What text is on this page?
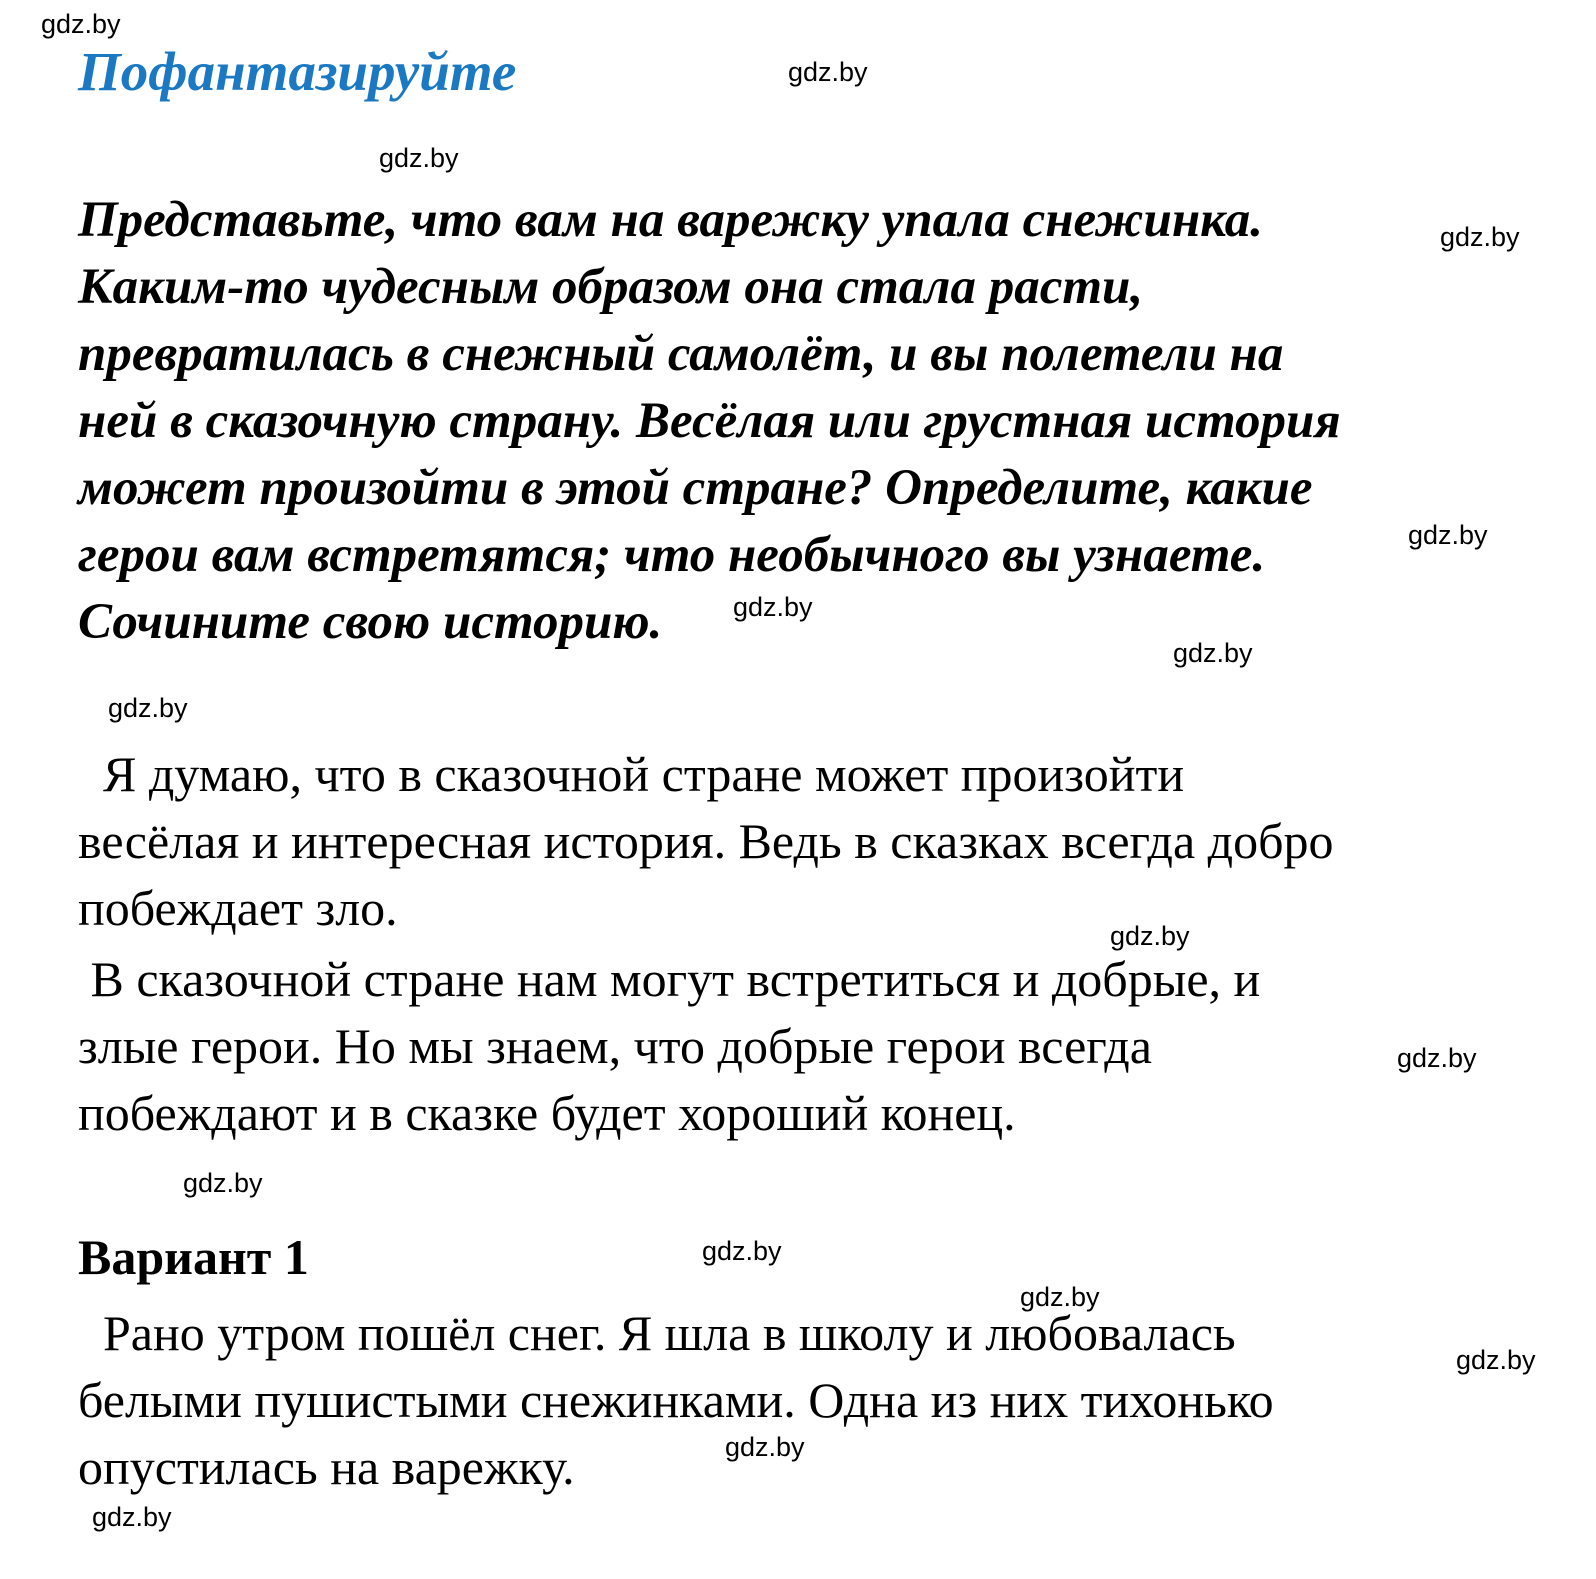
Пофантазируйте
Представьте, что вам на варежку упала снежинка.
Каким-то чудесным образом она стала расти,
превратилась в снежный самолёт, и вы полетели на
ней в сказочную страну. Весёлая или грустная история
может произойти в этой стране? Определите, какие
герои вам встретятся; что необычного вы узнаете.
Сочините свою историю.
Я думаю, что в сказочной стране может произойти
весёлая и интересная история. Ведь в сказках всегда добро
побеждает зло.
В сказочной стране нам могут встретиться и добрые, и
злые герои. Но мы знаем, что добрые герои всегда
побеждают и в сказке будет хороший конец.
Вариант 1
Рано утром пошёл снег. Я шла в школу и любовалась
белыми пушистыми снежинками. Одна из них тихонько
опустилась на варежку.
gdz.by
gdz.by
gdz.by
gdz.by
gdz.by
gdz.by
gdz.by
gdz.by
gdz.by
gdz.by
gdz.by
gdz.by
gdz.by
gdz.by
gdz.by
gdz.by
